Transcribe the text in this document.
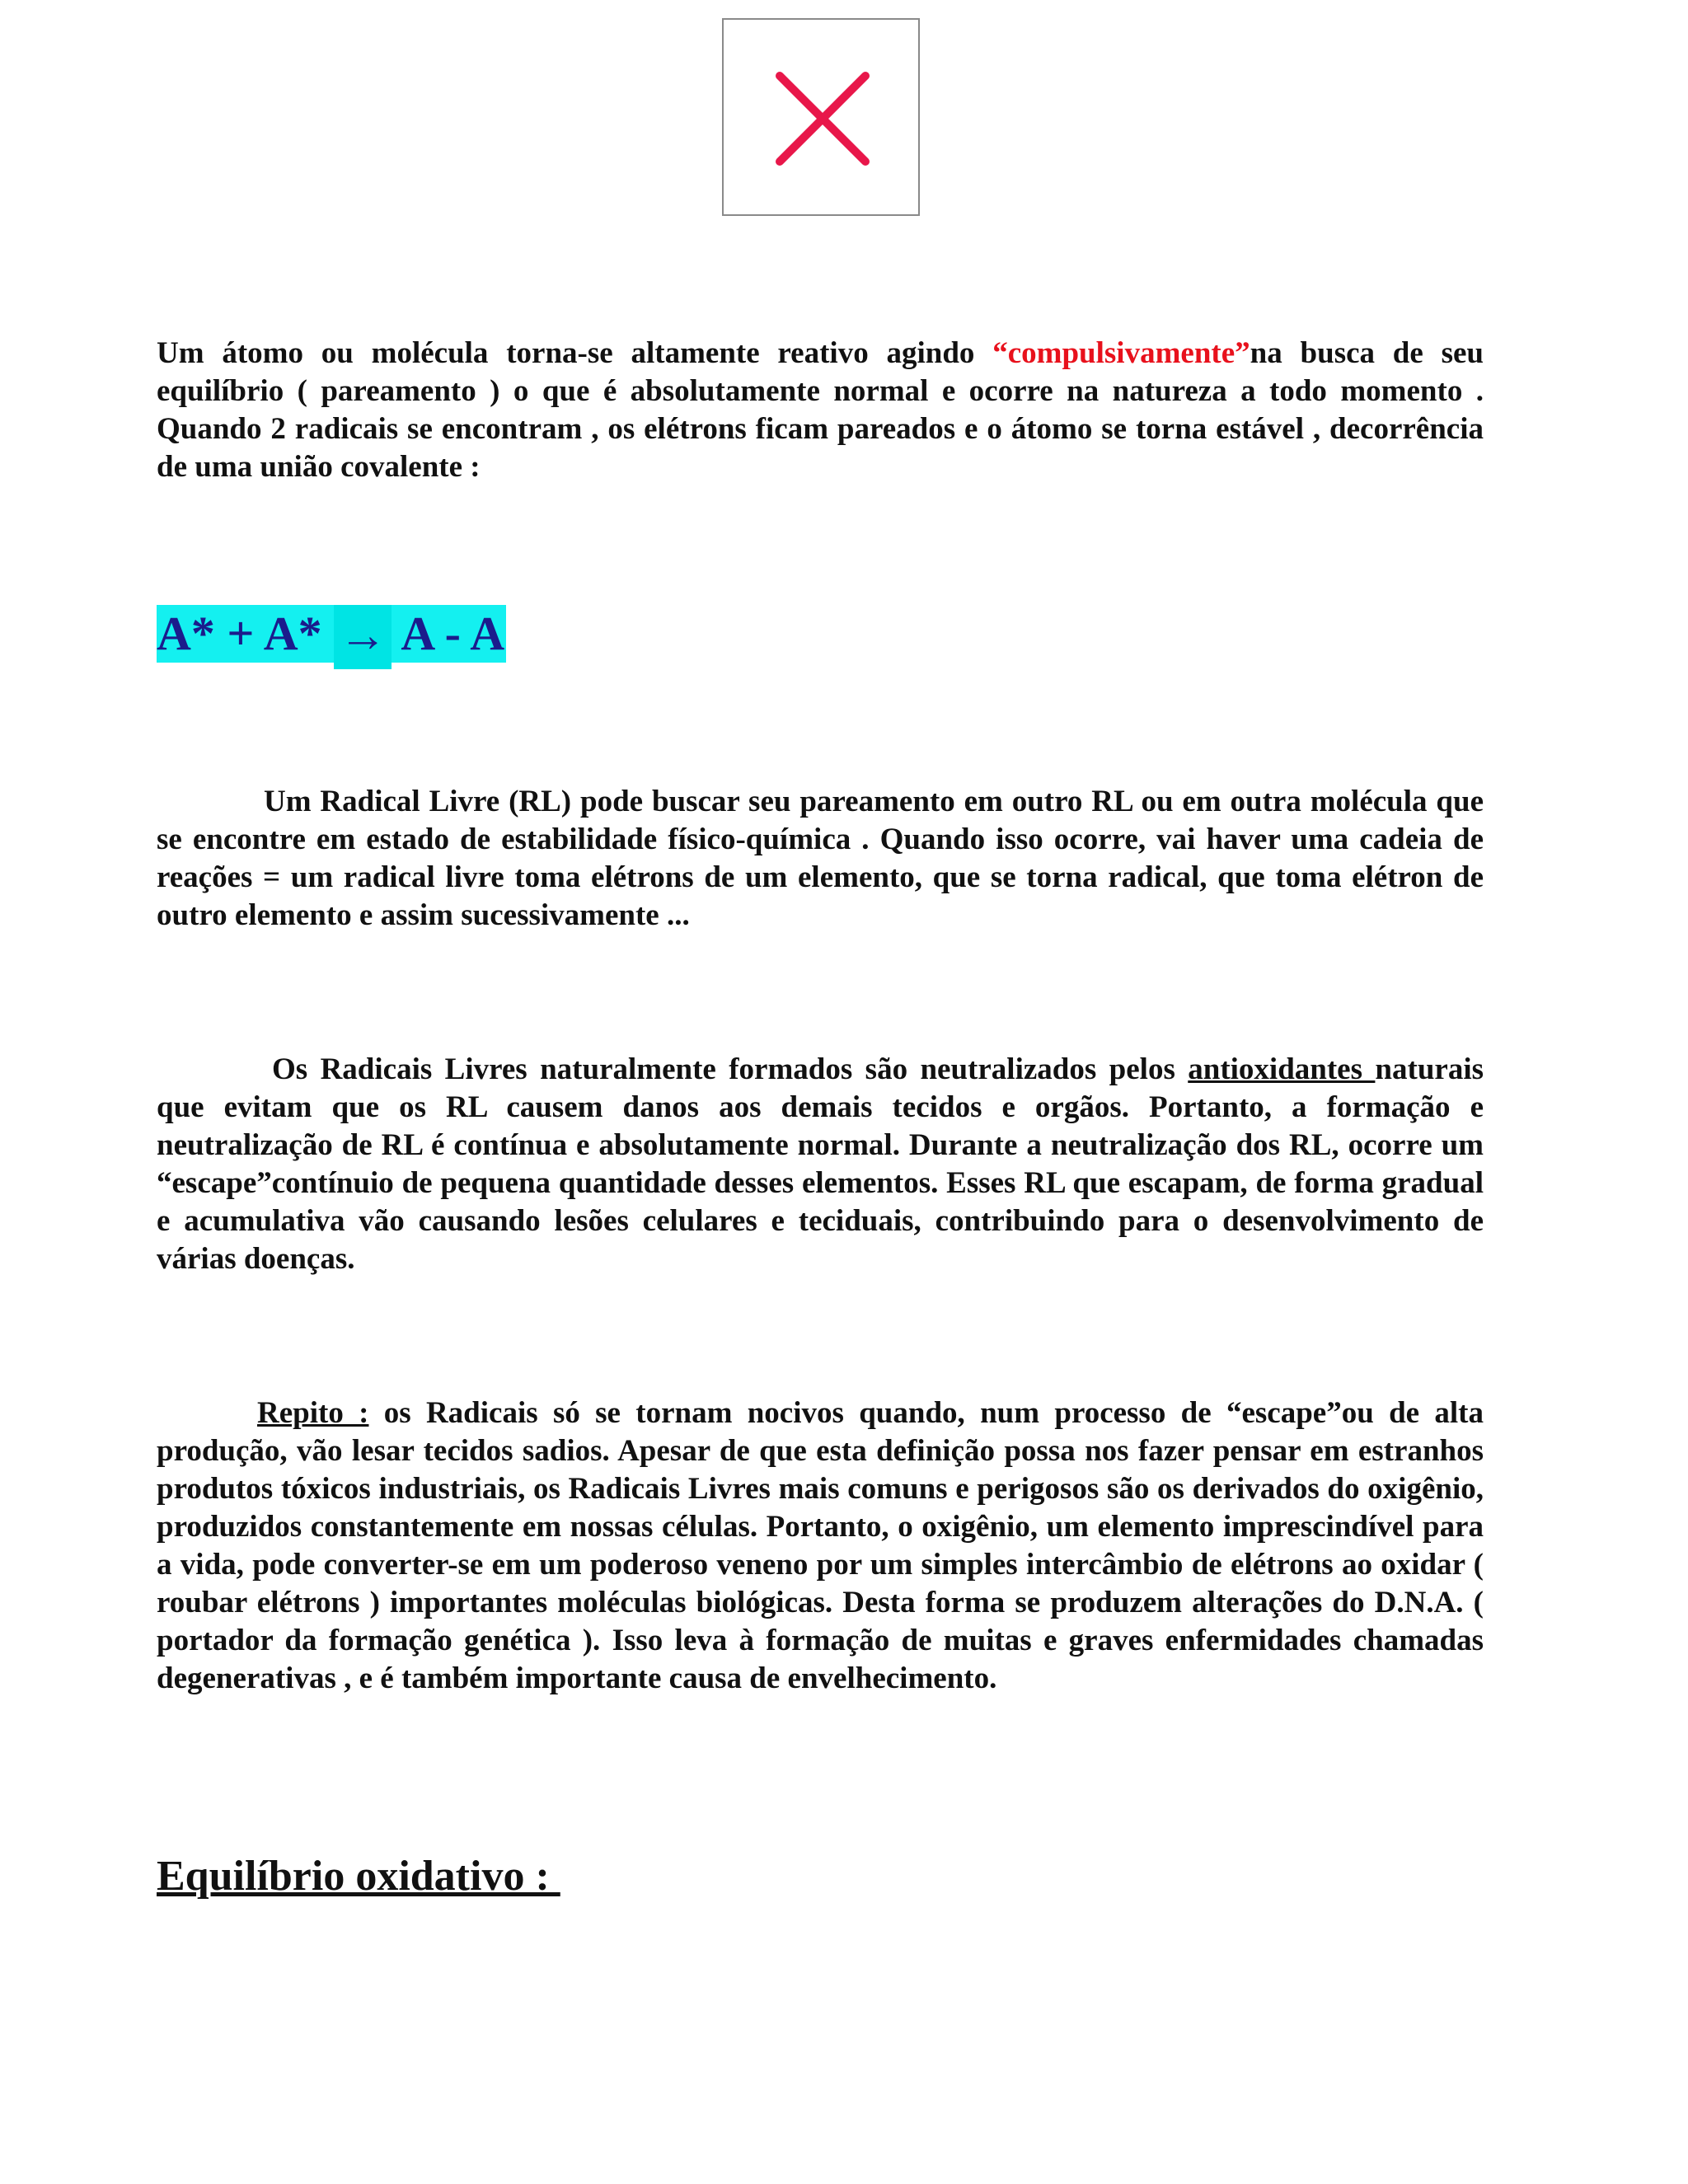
Um átomo ou molécula torna-se altamente reativo agindo “compulsivamente”na busca de seu equilíbrio ( pareamento ) o que é absolutamente normal e ocorre na natureza a todo momento . Quando 2 radicais se encontram , os elétrons ficam pareados e o átomo se torna estável , decorrência de uma união covalente :

A* + A* → A - A

Um Radical Livre (RL) pode buscar seu pareamento em outro RL ou em outra molécula que se encontre em estado de estabilidade físico-química . Quando isso ocorre, vai haver uma cadeia de reações = um radical livre toma elétrons de um elemento, que se torna radical, que toma elétron de outro elemento e assim sucessivamente ...

Os Radicais Livres naturalmente formados são neutralizados pelos antioxidantes naturais que evitam que os RL causem danos aos demais tecidos e orgãos. Portanto, a formação e neutralização de RL é contínua e absolutamente normal. Durante a neutralização dos RL, ocorre um “escape”contínuio de pequena quantidade desses elementos. Esses RL que escapam, de forma gradual e acumulativa vão causando lesões celulares e teciduais, contribuindo para o desenvolvimento de várias doenças.

Repito : os Radicais só se tornam nocivos quando, num processo de “escape”ou de alta produção, vão lesar tecidos sadios. Apesar de que esta definição possa nos fazer pensar em estranhos produtos tóxicos industriais, os Radicais Livres mais comuns e perigosos são os derivados do oxigênio, produzidos constantemente em nossas células. Portanto, o oxigênio, um elemento imprescindível para a vida, pode converter-se em um poderoso veneno por um simples intercâmbio de elétrons ao oxidar ( roubar elétrons ) importantes moléculas biológicas. Desta forma se produzem alterações do D.N.A. ( portador da formação genética ). Isso leva à formação de muitas e graves enfermidades chamadas degenerativas , e é também importante causa de envelhecimento.

Equilíbrio oxidativo :
